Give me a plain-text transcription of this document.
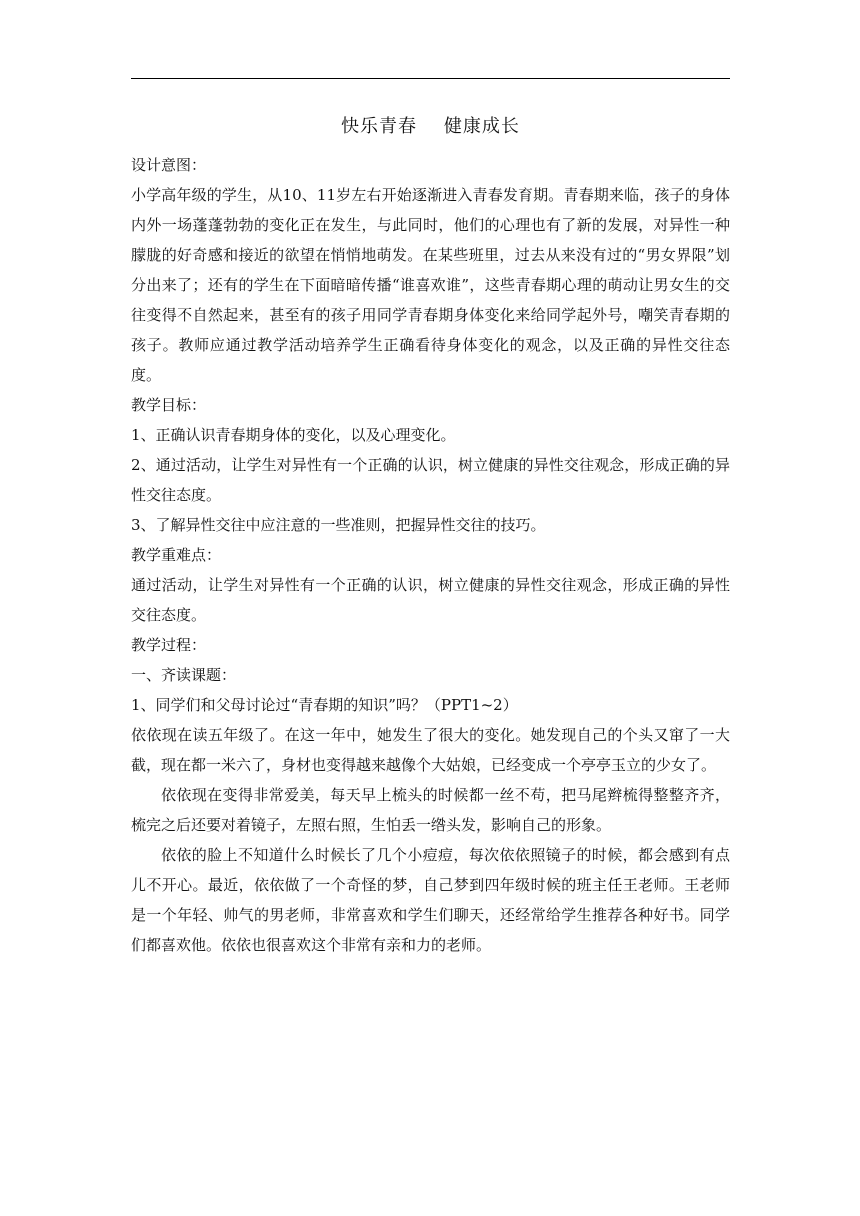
快乐青春    健康成长

设计意图：

小学高年级的学生，从10、11岁左右开始逐渐进入青春发育期。青春期来临，孩子的身体内外一场蓬蓬勃勃的变化正在发生，与此同时，他们的心理也有了新的发展，对异性一种朦胧的好奇感和接近的欲望在悄悄地萌发。在某些班里，过去从来没有过的“男女界限”划分出来了；还有的学生在下面暗暗传播“谁喜欢谁”，这些青春期心理的萌动让男女生的交往变得不自然起来，甚至有的孩子用同学青春期身体变化来给同学起外号，嘲笑青春期的孩子。教师应通过教学活动培养学生正确看待身体变化的观念，以及正确的异性交往态度。

教学目标：

1、正确认识青春期身体的变化，以及心理变化。

2、通过活动，让学生对异性有一个正确的认识，树立健康的异性交往观念，形成正确的异性交往态度。

3、了解异性交往中应注意的一些准则，把握异性交往的技巧。

教学重难点：

通过活动，让学生对异性有一个正确的认识，树立健康的异性交往观念，形成正确的异性交往态度。

教学过程：

一、齐读课题：

1、同学们和父母讨论过“青春期的知识”吗？（PPT1~2）

依依现在读五年级了。在这一年中，她发生了很大的变化。她发现自己的个头又窜了一大截，现在都一米六了，身材也变得越来越像个大姑娘，已经变成一个亭亭玉立的少女了。

依依现在变得非常爱美，每天早上梳头的时候都一丝不苟，把马尾辫梳得整整齐齐，梳完之后还要对着镜子，左照右照，生怕丢一绺头发，影响自己的形象。

依依的脸上不知道什么时候长了几个小痘痘，每次依依照镜子的时候，都会感到有点儿不开心。最近，依依做了一个奇怪的梦，自己梦到四年级时候的班主任王老师。王老师是一个年轻、帅气的男老师，非常喜欢和学生们聊天，还经常给学生推荐各种好书。同学们都喜欢他。依依也很喜欢这个非常有亲和力的老师。
